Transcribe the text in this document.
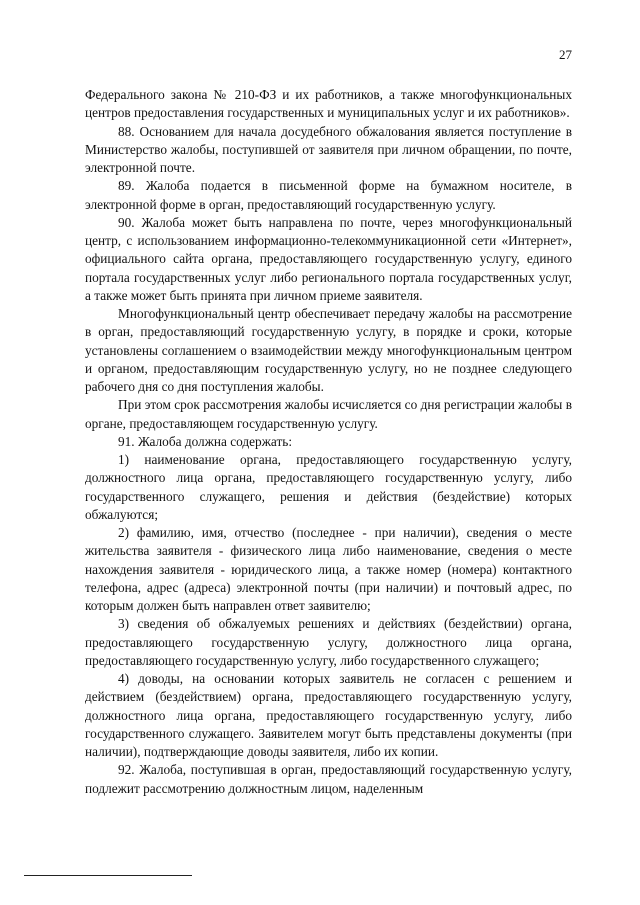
27

Федерального закона № 210-ФЗ и их работников, а также многофункциональных центров предоставления государственных и муниципальных услуг и их работников».

88. Основанием для начала досудебного обжалования является поступление в Министерство жалобы, поступившей от заявителя при личном обращении, по почте, электронной почте.

89. Жалоба подается в письменной форме на бумажном носителе, в электронной форме в орган, предоставляющий государственную услугу.

90. Жалоба может быть направлена по почте, через многофункциональный центр, с использованием информационно-телекоммуникационной сети «Интернет», официального сайта органа, предоставляющего государственную услугу, единого портала государственных услуг либо регионального портала государственных услуг, а также может быть принята при личном приеме заявителя.

Многофункциональный центр обеспечивает передачу жалобы на рассмотрение в орган, предоставляющий государственную услугу, в порядке и сроки, которые установлены соглашением о взаимодействии между многофункциональным центром и органом, предоставляющим государственную услугу, но не позднее следующего рабочего дня со дня поступления жалобы.

При этом срок рассмотрения жалобы исчисляется со дня регистрации жалобы в органе, предоставляющем государственную услугу.

91. Жалоба должна содержать:

1) наименование органа, предоставляющего государственную услугу, должностного лица органа, предоставляющего государственную услугу, либо государственного служащего, решения и действия (бездействие) которых обжалуются;

2) фамилию, имя, отчество (последнее - при наличии), сведения о месте жительства заявителя - физического лица либо наименование, сведения о месте нахождения заявителя - юридического лица, а также номер (номера) контактного телефона, адрес (адреса) электронной почты (при наличии) и почтовый адрес, по которым должен быть направлен ответ заявителю;

3) сведения об обжалуемых решениях и действиях (бездействии) органа, предоставляющего государственную услугу, должностного лица органа, предоставляющего государственную услугу, либо государственного служащего;

4) доводы, на основании которых заявитель не согласен с решением и действием (бездействием) органа, предоставляющего государственную услугу, должностного лица органа, предоставляющего государственную услугу, либо государственного служащего. Заявителем могут быть представлены документы (при наличии), подтверждающие доводы заявителя, либо их копии.

92. Жалоба, поступившая в орган, предоставляющий государственную услугу, подлежит рассмотрению должностным лицом, наделенным
